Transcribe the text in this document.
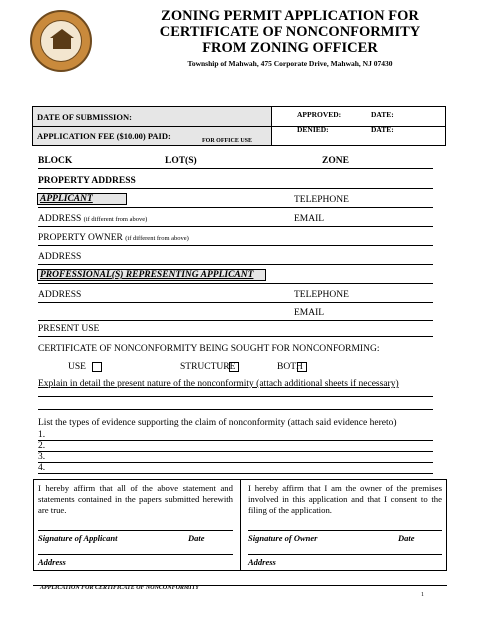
ZONING PERMIT APPLICATION FOR
CERTIFICATE OF NONCONFORMITY
FROM ZONING OFFICER
Township of Mahwah, 475 Corporate Drive, Mahwah, NJ 07430
DATE OF SUBMISSION:
APPLICATION FEE ($10.00) PAID:
APPROVED:	DATE:
DENIED:	DATE:
FOR OFFICE USE
BLOCK	LOT(S)	ZONE
PROPERTY ADDRESS
APPLICANT	TELEPHONE
ADDRESS (if different from above)	EMAIL
PROPERTY OWNER (if different from above)
ADDRESS
PROFESSIONAL(S) REPRESENTING APPLICANT
ADDRESS	TELEPHONE
EMAIL
PRESENT USE
CERTIFICATE OF NONCONFORMITY BEING SOUGHT FOR NONCONFORMING:
USE	STRUCTURE	BOTH
Explain in detail the present nature of the nonconformity (attach additional sheets if necessary)
List the types of evidence supporting the claim of nonconformity (attach said evidence hereto)
1.
2.
3.
4.
I hereby affirm that all of the above statement and statements contained in the papers submitted herewith are true.
I hereby affirm that I am the owner of the premises involved in this application and that I consent to the filing of the application.
Signature of Applicant	Date	Signature of Owner	Date
Address	Address
APPLICATION FOR CERTIFICATE OF NONCONFORMITY
1
